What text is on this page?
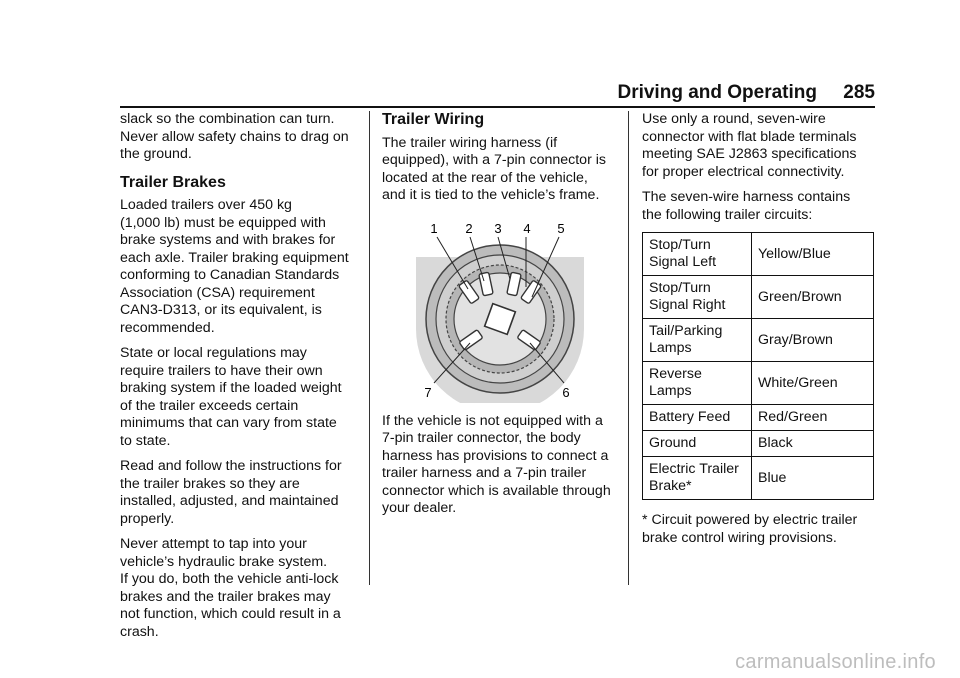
Driving and Operating 285

slack so the combination can turn.
Never allow safety chains to drag on
the ground.

Trailer Brakes

Loaded trailers over 450 kg
(1,000 lb) must be equipped with
brake systems and with brakes for
each axle. Trailer braking equipment
conforming to Canadian Standards
Association (CSA) requirement
CAN3-D313, or its equivalent, is
recommended.

State or local regulations may
require trailers to have their own
braking system if the loaded weight
of the trailer exceeds certain
minimums that can vary from state
to state.

Read and follow the instructions for
the trailer brakes so they are
installed, adjusted, and maintained
properly.

Never attempt to tap into your
vehicle’s hydraulic brake system.
If you do, both the vehicle anti-lock
brakes and the trailer brakes may
not function, which could result in a
crash.

Trailer Wiring

The trailer wiring harness (if
equipped), with a 7-pin connector is
located at the rear of the vehicle,
and it is tied to the vehicle’s frame.

1 2 3 4 5
7	6

If the vehicle is not equipped with a
7-pin trailer connector, the body
harness has provisions to connect a
trailer harness and a 7-pin trailer
connector which is available through
your dealer.

Use only a round, seven-wire
connector with flat blade terminals
meeting SAE J2863 specifications
for proper electrical connectivity.

The seven-wire harness contains
the following trailer circuits:

Stop/Turn
Signal Left	Yellow/Blue
Stop/Turn
Signal Right	Green/Brown
Tail/Parking
Lamps	Gray/Brown
Reverse Lamps	White/Green
Battery Feed	Red/Green
Ground	Black
Electric Trailer
Brake*	Blue

* Circuit powered by electric trailer
brake control wiring provisions.

carmanualsonline.info
